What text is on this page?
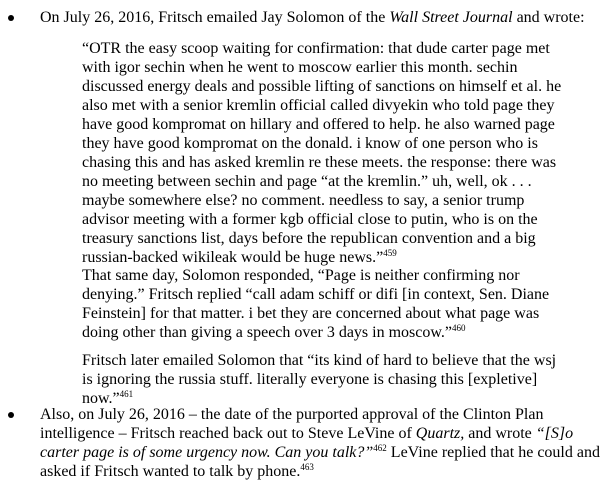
On July 26, 2016, Fritsch emailed Jay Solomon of the Wall Street Journal and wrote:
“OTR the easy scoop waiting for confirmation: that dude carter page met
with igor sechin when he went to moscow earlier this month. sechin
discussed energy deals and possible lifting of sanctions on himself et al. he
also met with a senior kremlin official called divyekin who told page they
have good kompromat on hillary and offered to help. he also warned page
they have good kompromat on the donald. i know of one person who is
chasing this and has asked kremlin re these meets. the response: there was
no meeting between sechin and page “at the kremlin.” uh, well, ok . . .
maybe somewhere else? no comment. needless to say, a senior trump
advisor meeting with a former kgb official close to putin, who is on the
treasury sanctions list, days before the republican convention and a big
russian-backed wikileak would be huge news.”$^{459}$
That same day, Solomon responded, “Page is neither confirming nor
denying.” Fritsch replied “call adam schiff or difi [in context, Sen. Diane
Feinstein] for that matter. i bet they are concerned about what page was
doing other than giving a speech over 3 days in moscow.”$^{460}$
Fritsch later emailed Solomon that “its kind of hard to believe that the wsj
is ignoring the russia stuff. literally everyone is chasing this [expletive]
now.”$^{461}$
Also, on July 26, 2016 – the date of the purported approval of the Clinton Plan
intelligence – Fritsch reached back out to Steve LeVine of Quartz, and wrote “[S]o
carter page is of some urgency now. Can you talk?”$^{462}$ LeVine replied that he could and
asked if Fritsch wanted to talk by phone.$^{463}$
